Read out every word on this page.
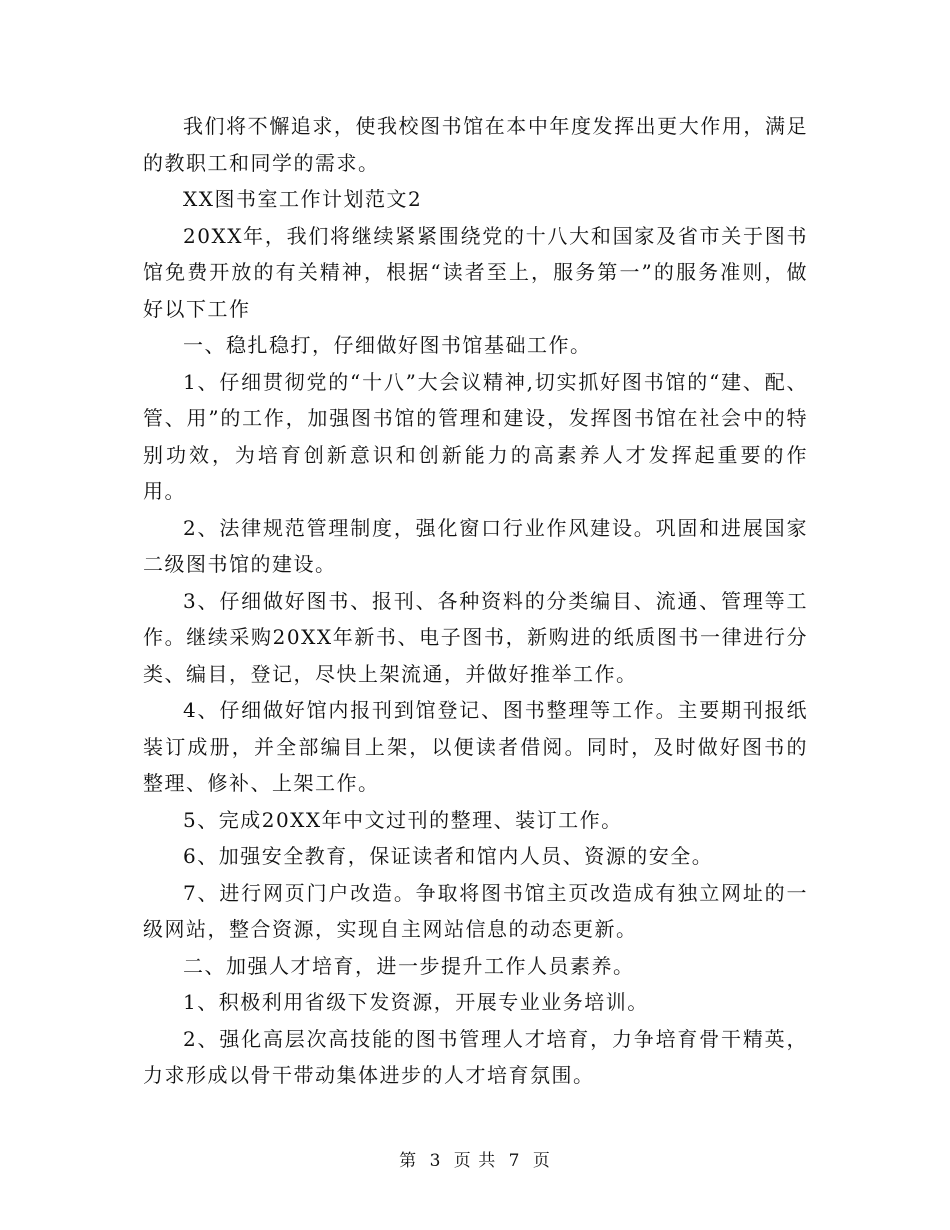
我们将不懈追求，使我校图书馆在本中年度发挥出更大作用，满足的教职工和同学的需求。

XX图书室工作计划范文2

20XX年，我们将继续紧紧围绕党的十八大和国家及省市关于图书馆免费开放的有关精神，根据“读者至上，服务第一”的服务准则，做好以下工作

一、稳扎稳打，仔细做好图书馆基础工作。

1、仔细贯彻党的“十八”大会议精神,切实抓好图书馆的“建、配、管、用”的工作，加强图书馆的管理和建设，发挥图书馆在社会中的特别功效，为培育创新意识和创新能力的高素养人才发挥起重要的作用。

2、法律规范管理制度，强化窗口行业作风建设。巩固和进展国家二级图书馆的建设。

3、仔细做好图书、报刊、各种资料的分类编目、流通、管理等工作。继续采购20XX年新书、电子图书，新购进的纸质图书一律进行分类、编目，登记，尽快上架流通，并做好推举工作。

4、仔细做好馆内报刊到馆登记、图书整理等工作。主要期刊报纸装订成册，并全部编目上架，以便读者借阅。同时，及时做好图书的整理、修补、上架工作。

5、完成20XX年中文过刊的整理、装订工作。

6、加强安全教育，保证读者和馆内人员、资源的安全。

7、进行网页门户改造。争取将图书馆主页改造成有独立网址的一级网站，整合资源，实现自主网站信息的动态更新。

二、加强人才培育，进一步提升工作人员素养。

1、积极利用省级下发资源，开展专业业务培训。

2、强化高层次高技能的图书管理人才培育，力争培育骨干精英，力求形成以骨干带动集体进步的人才培育氛围。

第 3 页 共 7 页
